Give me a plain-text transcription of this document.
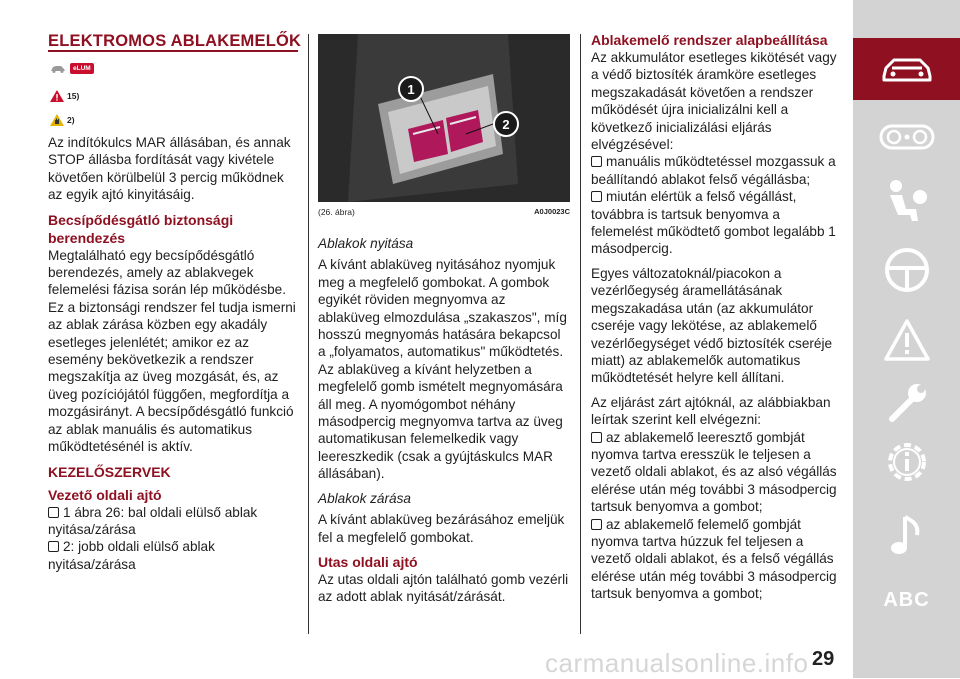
ELEKTROMOS ABLAKEMELŐK
eLUM
15)
2)

Az indítókulcs MAR állásában, és annak STOP állásba fordítását vagy kivétele követően körülbelül 3 percig működnek az egyik ajtó kinyitásáig.

Becsípődésgátló biztonsági berendezés

Megtalálható egy becsípődésgátló berendezés, amely az ablakvegek felemelési fázisa során lép működésbe. Ez a biztonsági rendszer fel tudja ismerni az ablak zárása közben egy akadály esetleges jelenlétét; amikor ez az esemény bekövetkezik a rendszer megszakítja az üveg mozgását, és, az üveg pozíciójától függően, megfordítja a mozgásirányt. A becsípődésgátló funkció az ablak manuális és automatikus működtetésénél is aktív.

KEZELŐSZERVEK

Vezető oldali ajtó

1 ábra 26: bal oldali elülső ablak nyitása/zárása

2: jobb oldali elülső ablak nyitása/zárása

1
2
(26. ábra)	A0J0023C

Ablakok nyitása

A kívánt ablaküveg nyitásához nyomjuk meg a megfelelő gombokat. A gombok egyikét röviden megnyomva az ablaküveg elmozdulása „szakaszos", míg hosszú megnyomás hatására bekapcsol a „folyamatos, automatikus" működtetés. Az ablaküveg a kívánt helyzetben a megfelelő gomb ismételt megnyomására áll meg. A nyomógombot néhány másodpercig megnyomva tartva az üveg automatikusan felemelkedik vagy leereszkedik (csak a gyújtáskulcs MAR állásában).

Ablakok zárása

A kívánt ablaküveg bezárásához emeljük fel a megfelelő gombokat.

Utas oldali ajtó

Az utas oldali ajtón található gomb vezérli az adott ablak nyitását/zárását.

Ablakemelő rendszer alapbeállítása

Az akkumulátor esetleges kikötését vagy a védő biztosíték áramköre esetleges megszakadását követően a rendszer működését újra inicializálni kell a következő inicializálási eljárás elvégzésével:

manuális működtetéssel mozgassuk a beállítandó ablakot felső végállásba;

miután elértük a felső végállást, továbbra is tartsuk benyomva a felemelést működtető gombot legalább 1 másodpercig.

Egyes változatoknál/piacokon a vezérlőegység áramellátásának megszakadása után (az akkumulátor cseréje vagy lekötése, az ablakemelő vezérlőegységet védő biztosíték cseréje miatt) az ablakemelők automatikus működtetését helyre kell állítani.

Az eljárást zárt ajtóknál, az alábbiakban leírtak szerint kell elvégezni:

az ablakemelő leeresztő gombját nyomva tartva eresszük le teljesen a vezető oldali ablakot, és az alsó végállás elérése után még további 3 másodpercig tartsuk benyomva a gombot;

az ablakemelő felemelő gombját nyomva tartva húzzuk fel teljesen a vezető oldali ablakot, és a felső végállás elérése után még további 3 másodpercig tartsuk benyomva a gombot;	ABC
carmanualsonline.info 29
